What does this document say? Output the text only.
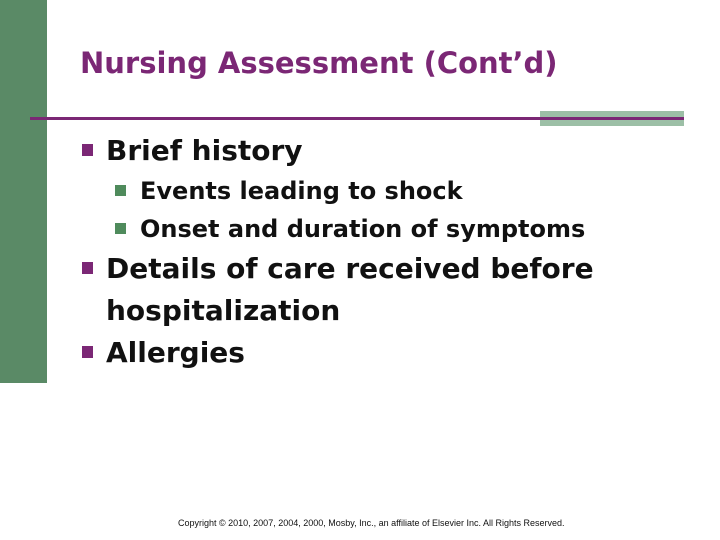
Nursing Assessment (Cont’d)

Brief history

Events leading to shock

Onset and duration of symptoms

Details of care received before

hospitalization

Allergies

Copyright © 2010, 2007, 2004, 2000, Mosby, Inc., an affiliate of Elsevier Inc. All Rights Reserved.
